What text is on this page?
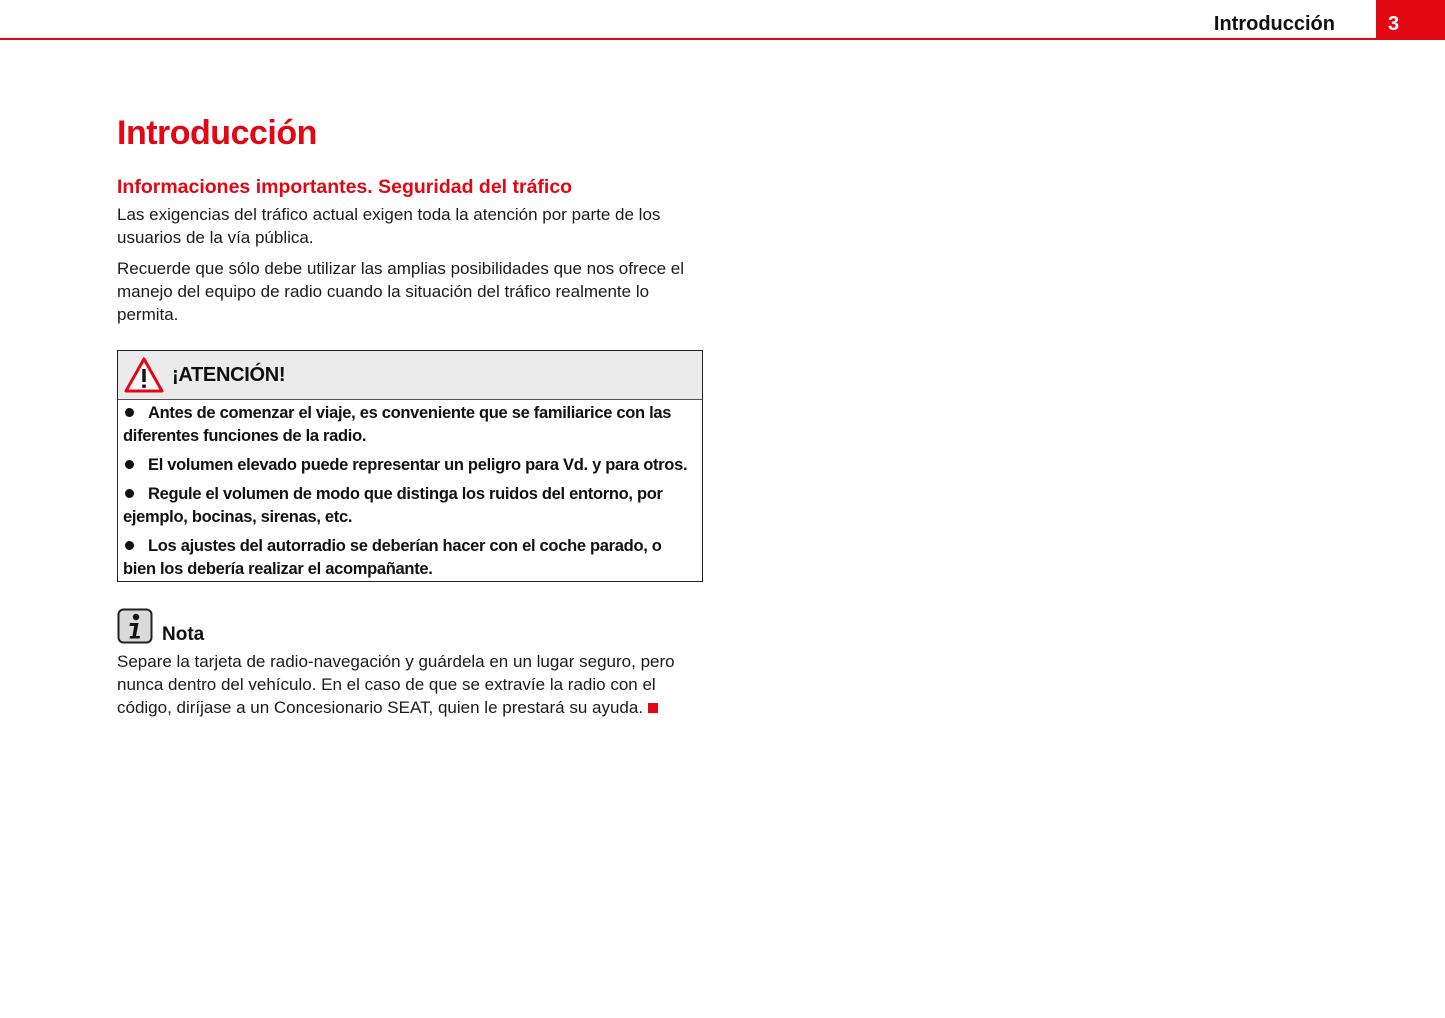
Introducción	3
Introducción
Informaciones importantes. Seguridad del tráfico

Las exigencias del tráfico actual exigen toda la atención por parte de los usuarios de la vía pública.

Recuerde que sólo debe utilizar las amplias posibilidades que nos ofrece el manejo del equipo de radio cuando la situación del tráfico realmente lo permita.

¡ATENCIÓN!
Antes de comenzar el viaje, es conveniente que se familiarice con las diferentes funciones de la radio.
El volumen elevado puede representar un peligro para Vd. y para otros.
Regule el volumen de modo que distinga los ruidos del entorno, por ejemplo, bocinas, sirenas, etc.
Los ajustes del autorradio se deberían hacer con el coche parado, o bien los debería realizar el acompañante.
Nota

Separe la tarjeta de radio-navegación y guárdela en un lugar seguro, pero nunca dentro del vehículo. En el caso de que se extravíe la radio con el código, diríjase a un Concesionario SEAT, quien le prestará su ayuda.
